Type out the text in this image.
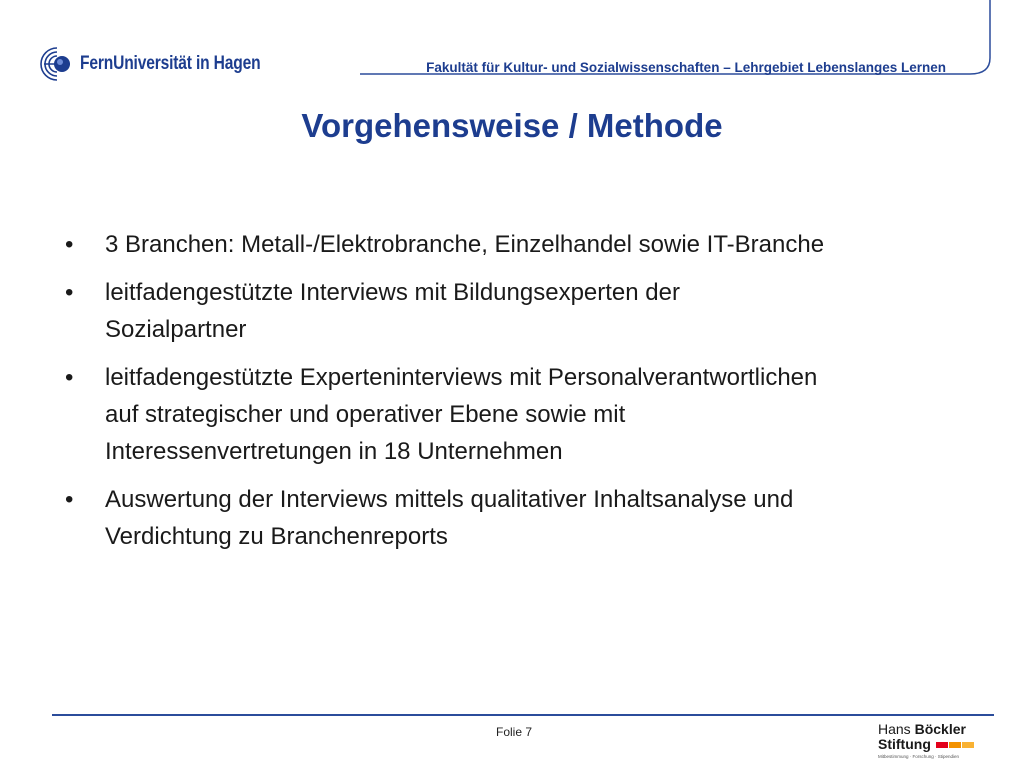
FernUniversität in Hagen	Fakultät für Kultur- und Sozialwissenschaften – Lehrgebiet Lebenslanges Lernen
Vorgehensweise / Methode
•	3 Branchen: Metall-/Elektrobranche, Einzelhandel sowie IT-Branche
•	leitfadengestützte Interviews mit Bildungsexperten der
Sozialpartner
•	leitfadengestützte Experteninterviews mit Personalverantwortlichen
auf strategischer und operativer Ebene sowie mit
Interessenvertretungen in 18 Unternehmen
•	Auswertung der Interviews mittels qualitativer Inhaltsanalyse und
Verdichtung zu Branchenreports
Folie 7	Hans Böckler
Stiftung
Mitbestimmung · Forschung · Stipendien
